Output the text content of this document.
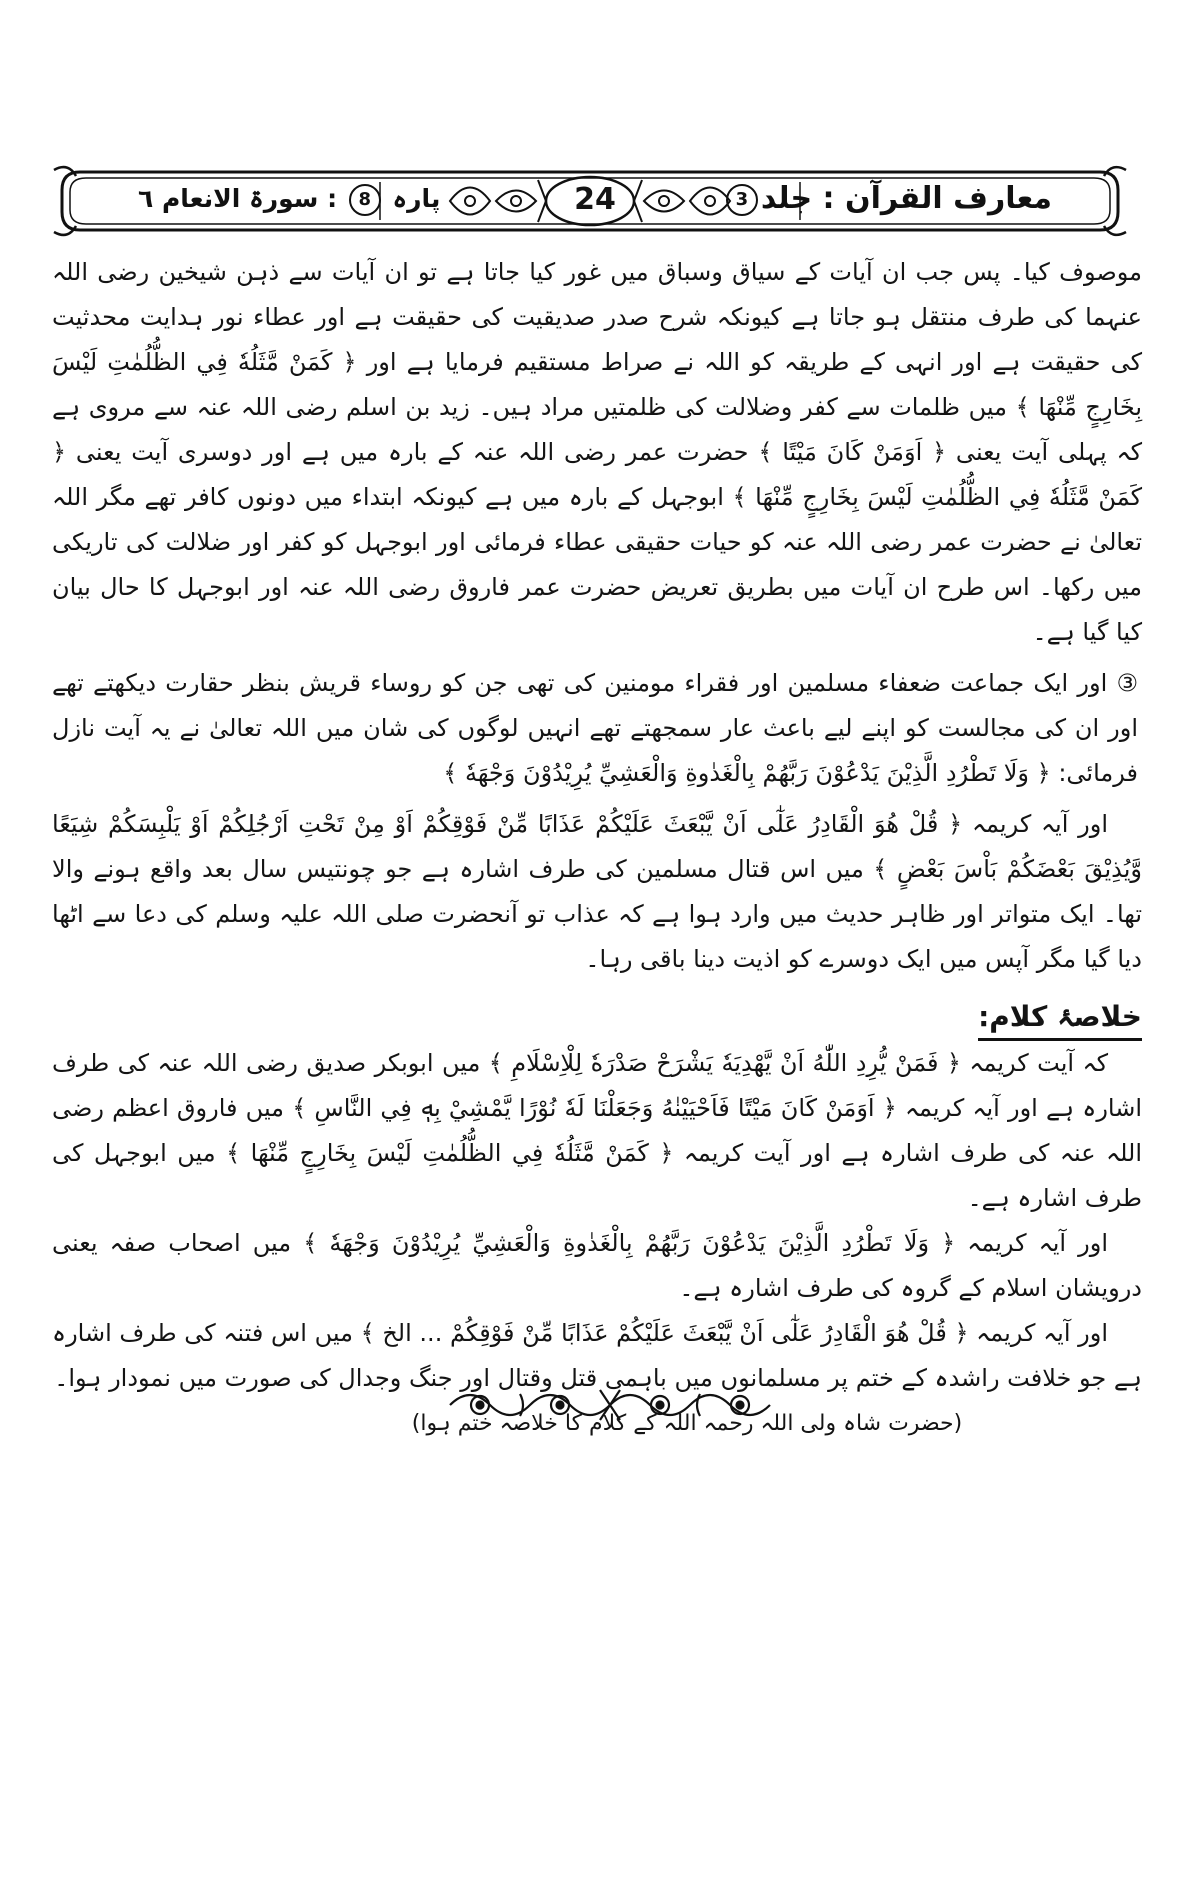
معارف القرآن : جلد3
24
پارہ 8 : سورۃ الانعام ٦

موصوف کیا۔ پس جب ان آیات کے سیاق وسباق میں غور کیا جاتا ہے تو ان آیات سے ذہن شیخین رضی اللہ عنہما کی طرف منتقل ہو جاتا ہے کیونکہ شرح صدر صدیقیت کی حقیقت ہے اور عطاء نور ہدایت محدثیت کی حقیقت ہے اور انہی کے طریقہ کو اللہ نے صراط مستقیم فرمایا ہے اور ﴿ كَمَنْ مَّثَلُهٗ فِي الظُّلُمٰتِ لَيْسَ بِخَارِجٍ مِّنْهَا ﴾ میں ظلمات سے کفر وضلالت کی ظلمتیں مراد ہیں۔ زید بن اسلم رضی اللہ عنہ سے مروی ہے کہ پہلی آیت یعنی ﴿ اَوَمَنْ كَانَ مَيْتًا ﴾ حضرت عمر رضی اللہ عنہ کے بارہ میں ہے اور دوسری آیت یعنی ﴿ كَمَنْ مَّثَلُهٗ فِي الظُّلُمٰتِ لَيْسَ بِخَارِجٍ مِّنْهَا ﴾ ابوجہل کے بارہ میں ہے کیونکہ ابتداء میں دونوں کافر تھے مگر اللہ تعالیٰ نے حضرت عمر رضی اللہ عنہ کو حیات حقیقی عطاء فرمائی اور ابوجہل کو کفر اور ضلالت کی تاریکی میں رکھا۔ اس طرح ان آیات میں بطریق تعریض حضرت عمر فاروق رضی اللہ عنہ اور ابوجہل کا حال بیان کیا گیا ہے۔

③ اور ایک جماعت ضعفاء مسلمین اور فقراء مومنین کی تھی جن کو روساء قریش بنظر حقارت دیکھتے تھے اور ان کی مجالست کو اپنے لیے باعث عار سمجھتے تھے انہیں لوگوں کی شان میں اللہ تعالیٰ نے یہ آیت نازل فرمائی: ﴿ وَلَا تَطْرُدِ الَّذِيْنَ يَدْعُوْنَ رَبَّهُمْ بِالْغَدٰوةِ وَالْعَشِيِّ يُرِيْدُوْنَ وَجْهَهٗ ﴾

اور آیہ کریمہ ﴿ قُلْ هُوَ الْقَادِرُ عَلٰٓى اَنْ يَّبْعَثَ عَلَيْكُمْ عَذَابًا مِّنْ فَوْقِكُمْ اَوْ مِنْ تَحْتِ اَرْجُلِكُمْ اَوْ يَلْبِسَكُمْ شِيَعًا وَّيُذِيْقَ بَعْضَكُمْ بَاْسَ بَعْضٍ ﴾ میں اس قتال مسلمین کی طرف اشارہ ہے جو چونتیس سال بعد واقع ہونے والا تھا۔ ایک متواتر اور ظاہر حدیث میں وارد ہوا ہے کہ عذاب تو آنحضرت صلی اللہ علیہ وسلم کی دعا سے اٹھا دیا گیا مگر آپس میں ایک دوسرے کو اذیت دینا باقی رہا۔

خلاصۂ کلام:

کہ آیت کریمہ ﴿ فَمَنْ يُّرِدِ اللّٰهُ اَنْ يَّهْدِيَهٗ يَشْرَحْ صَدْرَهٗ لِلْاِسْلَامِ ﴾ میں ابوبکر صدیق رضی اللہ عنہ کی طرف اشارہ ہے اور آیہ کریمہ ﴿ اَوَمَنْ كَانَ مَيْتًا فَاَحْيَيْنٰهُ وَجَعَلْنَا لَهٗ نُوْرًا يَّمْشِيْ بِهٖ فِي النَّاسِ ﴾ میں فاروق اعظم رضی اللہ عنہ کی طرف اشارہ ہے اور آیت کریمہ ﴿ كَمَنْ مَّثَلُهٗ فِي الظُّلُمٰتِ لَيْسَ بِخَارِجٍ مِّنْهَا ﴾ میں ابوجہل کی طرف اشارہ ہے۔

اور آیہ کریمہ ﴿ وَلَا تَطْرُدِ الَّذِيْنَ يَدْعُوْنَ رَبَّهُمْ بِالْغَدٰوةِ وَالْعَشِيِّ يُرِيْدُوْنَ وَجْهَهٗ ﴾ میں اصحاب صفہ یعنی درویشان اسلام کے گروہ کی طرف اشارہ ہے۔

اور آیہ کریمہ ﴿ قُلْ هُوَ الْقَادِرُ عَلٰٓى اَنْ يَّبْعَثَ عَلَيْكُمْ عَذَابًا مِّنْ فَوْقِكُمْ ... الخ ﴾ میں اس فتنہ کی طرف اشارہ ہے جو خلافت راشدہ کے ختم پر مسلمانوں میں باہمی قتل وقتال اور جنگ وجدال کی صورت میں نمودار ہوا۔

(حضرت شاہ ولی اللہ رحمہ اللہ کے کلام کا خلاصہ ختم ہوا)
